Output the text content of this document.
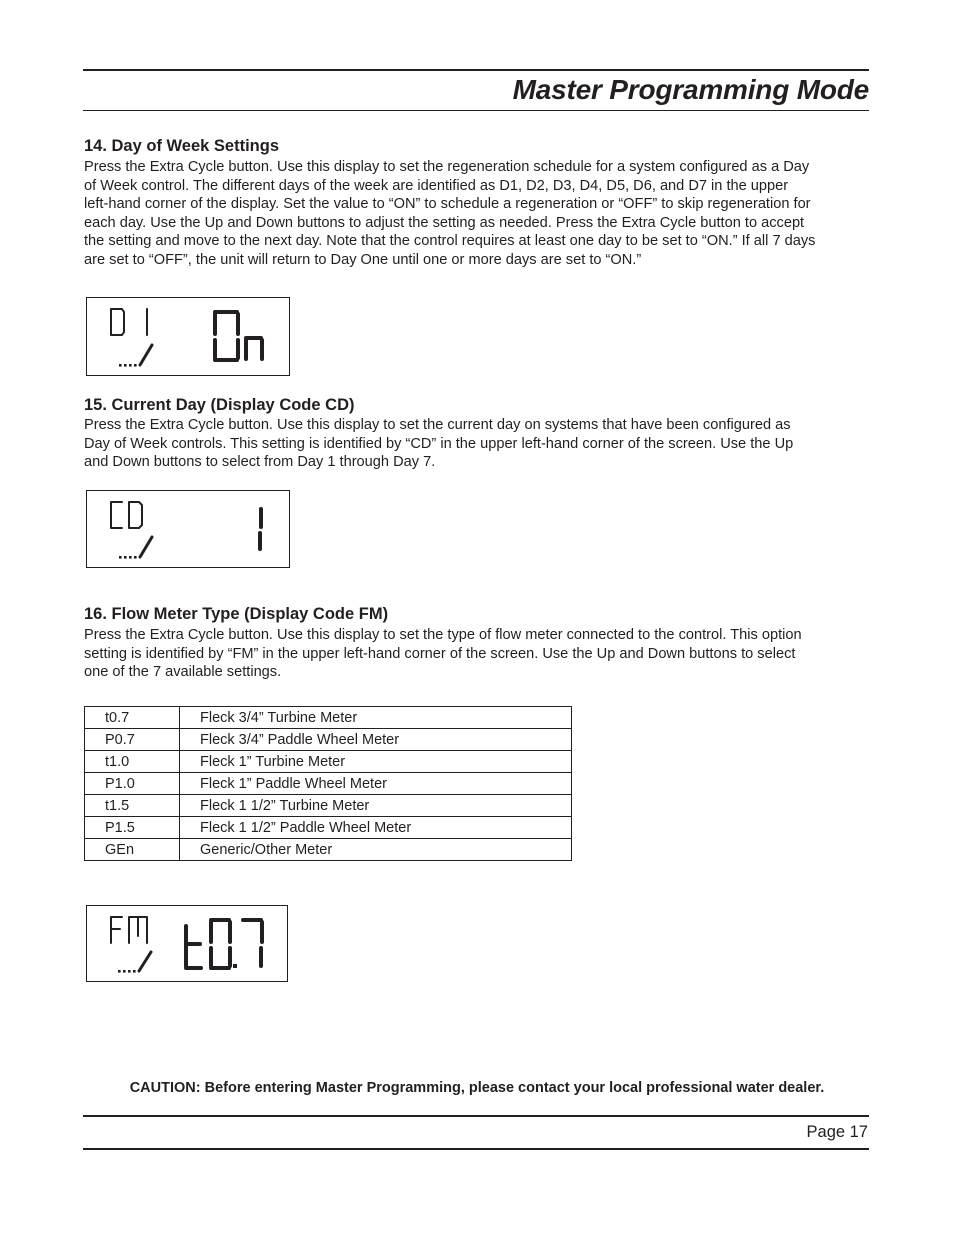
Master Programming Mode
14. Day of Week Settings
Press the Extra Cycle button. Use this display to set the regeneration schedule for a system configured as a Day
of Week control. The different days of the week are identified as D1, D2, D3, D4, D5, D6, and D7 in the upper
left-hand corner of the display. Set the value to “ON” to schedule a regeneration or “OFF” to skip regeneration for
each day. Use the Up and Down buttons to adjust the setting as needed. Press the Extra Cycle button to accept
the setting and move to the next day. Note that the control requires at least one day to be set to “ON.” If all 7 days
are set to “OFF”, the unit will return to Day One until one or more days are set to “ON.”
15. Current Day (Display Code CD)
Press the Extra Cycle button. Use this display to set the current day on systems that have been configured as
Day of Week controls. This setting is identified by “CD” in the upper left-hand corner of the screen. Use the Up
and Down buttons to select from Day 1 through Day 7.
16. Flow Meter Type (Display Code FM)
Press the Extra Cycle button. Use this display to set the type of flow meter connected to the control. This option
setting is identified by “FM” in the upper left-hand corner of the screen. Use the Up and Down buttons to select
one of the 7 available settings.
t0.7	Fleck 3/4” Turbine Meter
P0.7	Fleck 3/4” Paddle Wheel Meter
t1.0	Fleck 1” Turbine Meter
P1.0	Fleck 1” Paddle Wheel Meter
t1.5	Fleck 1 1/2” Turbine Meter
P1.5	Fleck 1 1/2” Paddle Wheel Meter
GEn	Generic/Other Meter
CAUTION: Before entering Master Programming, please contact your local professional water dealer.
Page 17
